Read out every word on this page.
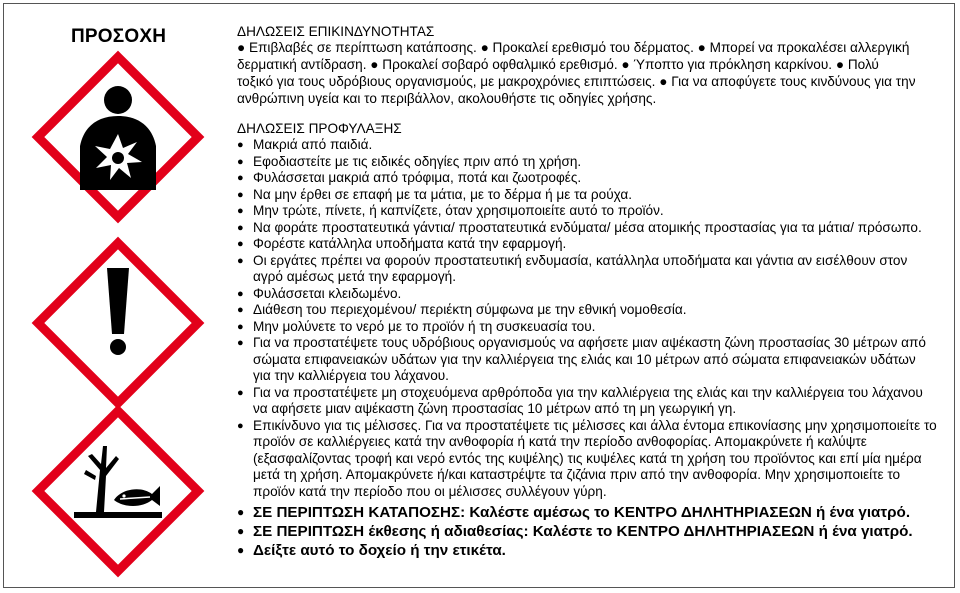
ΠΡΟΣΟΧΗ	ΔΗΛΩΣΕΙΣ ΕΠΙΚΙΝΔΥΝΟΤΗΤΑΣ
● Επιβλαβές σε περίπτωση κατάποσης. ● Προκαλεί ερεθισμό του δέρματος. ● Μπορεί να προκαλέσει αλλεργική
δερματική αντίδραση. ● Προκαλεί σοβαρό οφθαλμικό ερεθισμό. ● Ύποπτο για πρόκληση καρκίνου. ● Πολύ
τοξικό για τους υδρόβιους οργανισμούς, με μακροχρόνιες επιπτώσεις. ● Για να αποφύγετε τους κινδύνους για την
ανθρώπινη υγεία και το περιβάλλον, ακολουθήστε τις οδηγίες χρήσης.
ΔΗΛΩΣΕΙΣ ΠΡΟΦΥΛΑΞΗΣ
● Μακριά από παιδιά.
● Εφοδιαστείτε με τις ειδικές οδηγίες πριν από τη χρήση.
● Φυλάσσεται μακριά από τρόφιμα, ποτά και ζωοτροφές.
● Να μην έρθει σε επαφή με τα μάτια, με το δέρμα ή με τα ρούχα.
● Μην τρώτε, πίνετε, ή καπνίζετε, όταν χρησιμοποιείτε αυτό το προϊόν.
● Να φοράτε προστατευτικά γάντια/ προστατευτικά ενδύματα/ μέσα ατομικής προστασίας για τα μάτια/ πρόσωπο.
● Φορέστε κατάλληλα υποδήματα κατά την εφαρμογή.
● Οι εργάτες πρέπει να φορούν προστατευτική ενδυμασία, κατάλληλα υποδήματα και γάντια αν εισέλθουν στον αγρό αμέσως μετά την εφαρμογή.
● Φυλάσσεται κλειδωμένο.
● Διάθεση του περιεχομένου/ περιέκτη σύμφωνα με την εθνική νομοθεσία.
● Μην μολύνετε το νερό με το προϊόν ή τη συσκευασία του.
● Για να προστατέψετε τους υδρόβιους οργανισμούς να αφήσετε μιαν αψέκαστη ζώνη προστασίας 30 μέτρων από σώματα επιφανειακών υδάτων για την καλλιέργεια της ελιάς και 10 μέτρων από σώματα επιφανειακών υδάτων για την καλλιέργεια του λάχανου.
● Για να προστατέψετε μη στοχευόμενα αρθρόποδα για την καλλιέργεια της ελιάς και την καλλιέργεια του λάχανου να αφήσετε μιαν αψέκαστη ζώνη προστασίας 10 μέτρων από τη μη γεωργική γη.
● Επικίνδυνο για τις μέλισσες. Για να προστατέψετε τις μέλισσες και άλλα έντομα επικονίασης μην χρησιμοποιείτε το προϊόν σε καλλιέργειες κατά την ανθοφορία ή κατά την περίοδο ανθοφορίας. Απομακρύνετε ή καλύψτε (εξασφαλίζοντας τροφή και νερό εντός της κυψέλης) τις κυψέλες κατά τη χρήση του προϊόντος και επί μία ημέρα μετά τη χρήση. Απομακρύνετε ή/και καταστρέψτε τα ζιζάνια πριν από την ανθοφορία. Μην χρησιμοποιείτε το προϊόν κατά την περίοδο που οι μέλισσες συλλέγουν γύρη.
● ΣΕ ΠΕΡΙΠΤΩΣΗ ΚΑΤΑΠΟΣΗΣ: Καλέστε αμέσως το ΚΕΝΤΡΟ ΔΗΛΗΤΗΡΙΑΣΕΩΝ ή ένα γιατρό.
● ΣΕ ΠΕΡΙΠΤΩΣΗ έκθεσης ή αδιαθεσίας: Καλέστε το ΚΕΝΤΡΟ ΔΗΛΗΤΗΡΙΑΣΕΩΝ ή ένα γιατρό.
● Δείξτε αυτό το δοχείο ή την ετικέτα.
